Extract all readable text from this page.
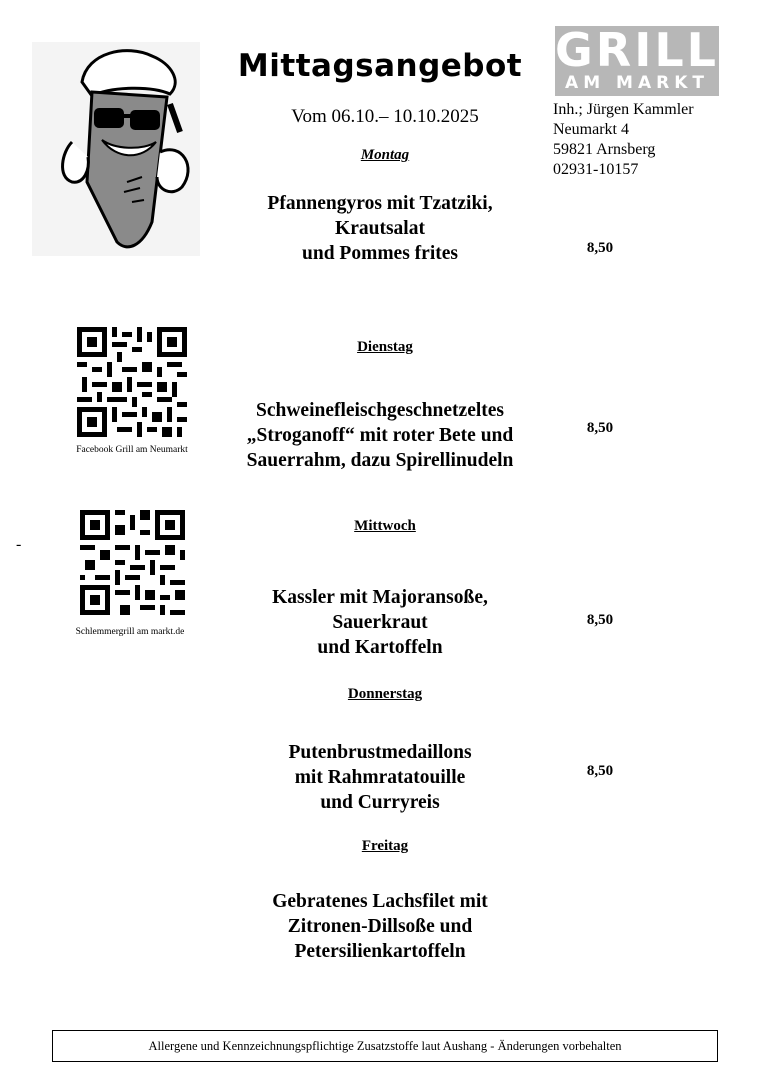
Mittagsangebot
Vom 06.10.– 10.10.2025
GRILL
AM MARKT
Inh.; Jürgen Kammler
Neumarkt 4
59821 Arnsberg
02931-10157
Facebook Grill am Neumarkt
-
Schlemmergrill am markt.de
Montag
Pfannengyros mit Tzatziki,
Krautsalat
und Pommes frites	8,50
Dienstag
Schweinefleischgeschnetzeltes
„Stroganoff“ mit roter Bete und
Sauerrahm, dazu Spirellinudeln
8,50
Mittwoch
Kassler mit Majoransoße,
Sauerkraut
und Kartoffeln
8,50
Donnerstag
Putenbrustmedaillons
mit Rahmratatouille
und Curryreis
8,50
Freitag
Gebratenes Lachsfilet mit
Zitronen-Dillsoße und
Petersilienkartoffeln
Allergene und Kennzeichnungspflichtige Zusatzstoffe laut Aushang - Änderungen vorbehalten
